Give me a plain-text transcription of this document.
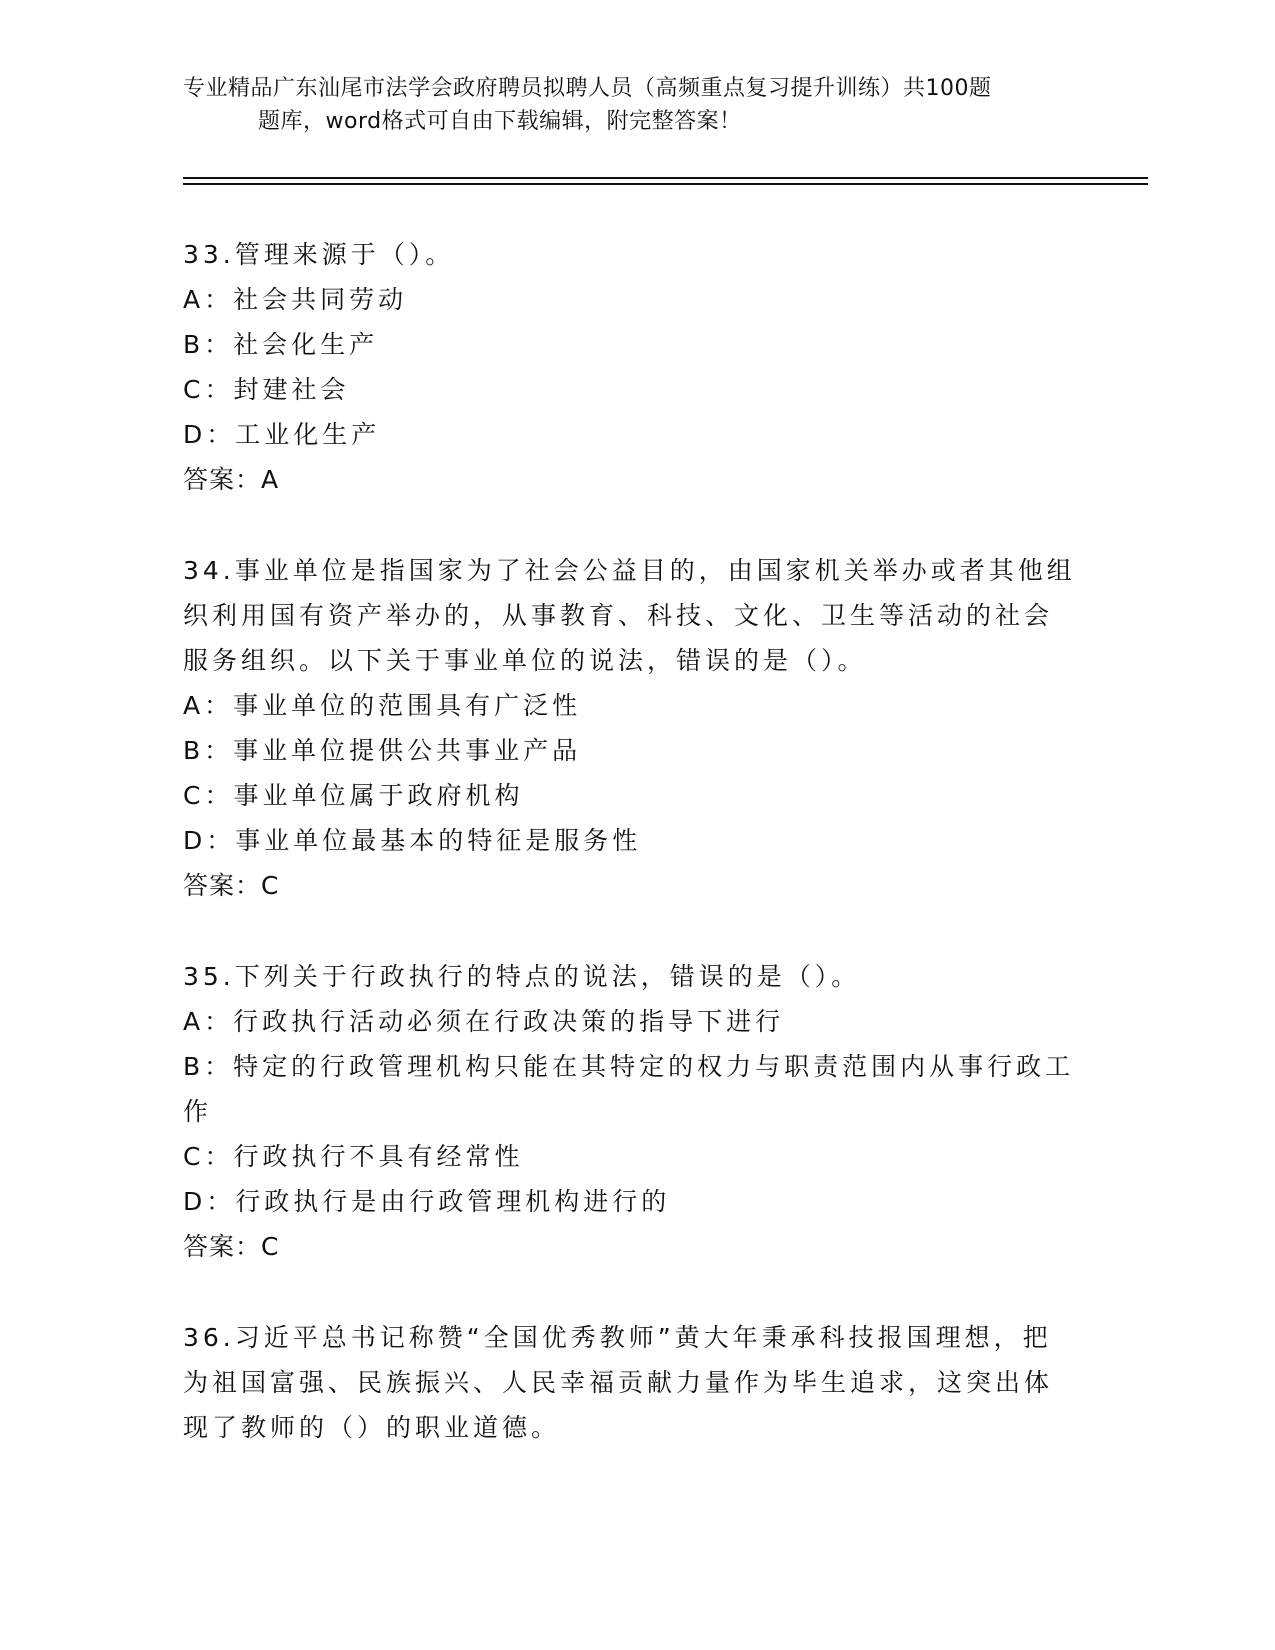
专业精品广东汕尾市法学会政府聘员拟聘人员（高频重点复习提升训练）共100题
题库，word格式可自由下载编辑，附完整答案！
33.管理来源于（）。
A：社会共同劳动
B：社会化生产
C：封建社会
D：工业化生产
答案：A
34.事业单位是指国家为了社会公益目的，由国家机关举办或者其他组
织利用国有资产举办的，从事教育、科技、文化、卫生等活动的社会
服务组织。以下关于事业单位的说法，错误的是（）。
A：事业单位的范围具有广泛性
B：事业单位提供公共事业产品
C：事业单位属于政府机构
D：事业单位最基本的特征是服务性
答案：C
35.下列关于行政执行的特点的说法，错误的是（）。
A：行政执行活动必须在行政决策的指导下进行
B：特定的行政管理机构只能在其特定的权力与职责范围内从事行政工
作
C：行政执行不具有经常性
D：行政执行是由行政管理机构进行的
答案：C
36.习近平总书记称赞“全国优秀教师”黄大年秉承科技报国理想，把
为祖国富强、民族振兴、人民幸福贡献力量作为毕生追求，这突出体
现了教师的（）的职业道德。
